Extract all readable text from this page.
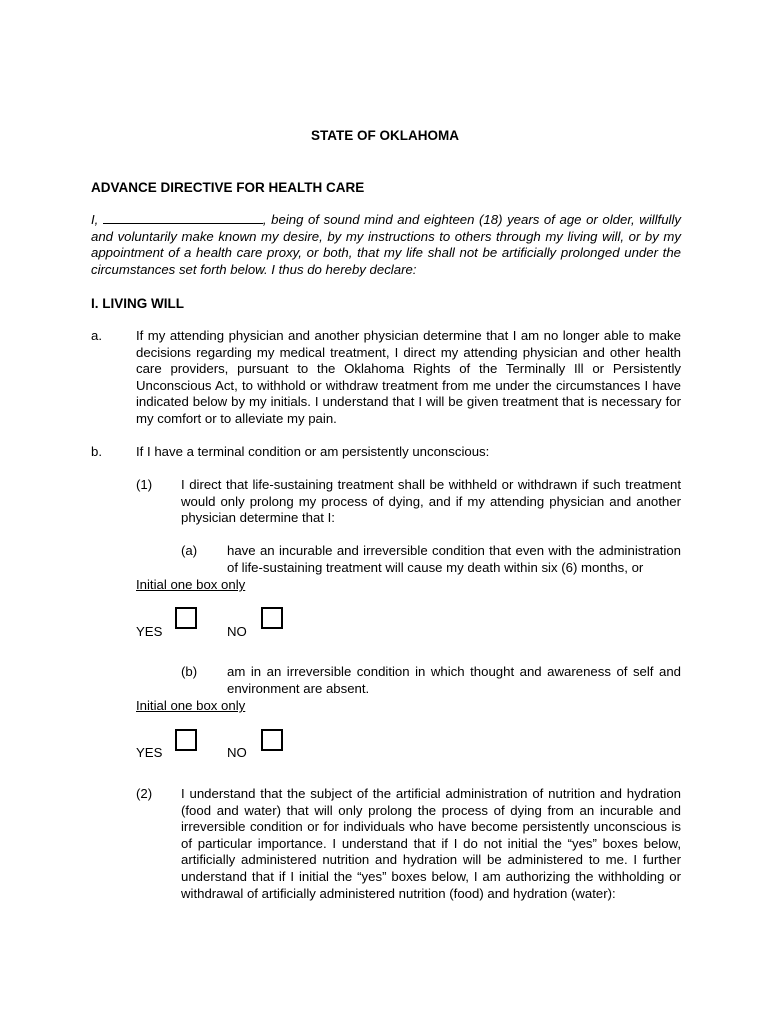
STATE OF OKLAHOMA
ADVANCE DIRECTIVE FOR HEALTH CARE
I,	, being of sound mind and eighteen (18) years of age or older, willfully and voluntarily make known my desire, by my instructions to others through my living will, or by my appointment of a health care proxy, or both, that my life shall not be artificially prolonged under the circumstances set forth below. I thus do hereby declare:
I. LIVING WILL
a.	If my attending physician and another physician determine that I am no longer able to make decisions regarding my medical treatment, I direct my attending physician and other health care providers, pursuant to the Oklahoma Rights of the Terminally Ill or Persistently Unconscious Act, to withhold or withdraw treatment from me under the circumstances I have indicated below by my initials. I understand that I will be given treatment that is necessary for my comfort or to alleviate my pain.
b.	If I have a terminal condition or am persistently unconscious:
(1) I direct that life-sustaining treatment shall be withheld or withdrawn if such treatment would only prolong my process of dying, and if my attending physician and another physician determine that I:
(a) have an incurable and irreversible condition that even with the administration of life-sustaining treatment will cause my death within six (6) months, or
Initial one box only
YES	NO
(b) am in an irreversible condition in which thought and awareness of self and environment are absent.
Initial one box only
YES	NO
(2) I understand that the subject of the artificial administration of nutrition and hydration (food and water) that will only prolong the process of dying from an incurable and irreversible condition or for individuals who have become persistently unconscious is of particular importance. I understand that if I do not initial the “yes” boxes below, artificially administered nutrition and hydration will be administered to me. I further understand that if I initial the “yes” boxes below, I am authorizing the withholding or withdrawal of artificially administered nutrition (food) and hydration (water):
